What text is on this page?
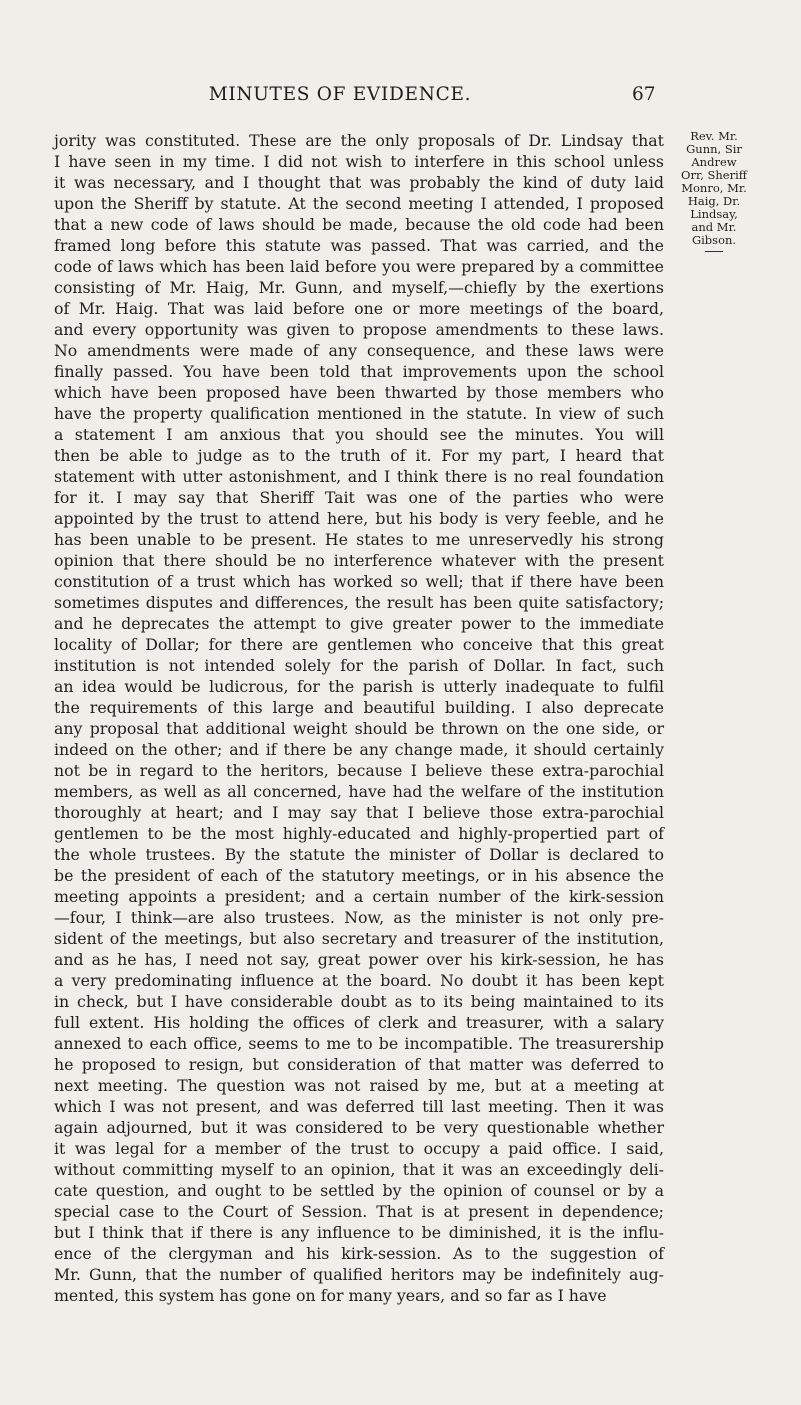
MINUTES OF EVIDENCE.	67
Rev. Mr.
Gunn, Sir
Andrew
Orr, Sheriff
Monro, Mr.
Haig, Dr.
Lindsay,
and Mr.
Gibson.
jority was constituted. These are the only proposals of Dr. Lindsay that
I have seen in my time. I did not wish to interfere in this school unless
it was necessary, and I thought that was probably the kind of duty laid
upon the Sheriff by statute. At the second meeting I attended, I proposed
that a new code of laws should be made, because the old code had been
framed long before this statute was passed. That was carried, and the
code of laws which has been laid before you were prepared by a committee
consisting of Mr. Haig, Mr. Gunn, and myself,—chiefly by the exertions
of Mr. Haig. That was laid before one or more meetings of the board,
and every opportunity was given to propose amendments to these laws.
No amendments were made of any consequence, and these laws were
finally passed. You have been told that improvements upon the school
which have been proposed have been thwarted by those members who
have the property qualification mentioned in the statute. In view of such
a statement I am anxious that you should see the minutes. You will
then be able to judge as to the truth of it. For my part, I heard that
statement with utter astonishment, and I think there is no real foundation
for it. I may say that Sheriff Tait was one of the parties who were
appointed by the trust to attend here, but his body is very feeble, and he
has been unable to be present. He states to me unreservedly his strong
opinion that there should be no interference whatever with the present
constitution of a trust which has worked so well; that if there have been
sometimes disputes and differences, the result has been quite satisfactory;
and he deprecates the attempt to give greater power to the immediate
locality of Dollar; for there are gentlemen who conceive that this great
institution is not intended solely for the parish of Dollar. In fact, such
an idea would be ludicrous, for the parish is utterly inadequate to fulfil
the requirements of this large and beautiful building. I also deprecate
any proposal that additional weight should be thrown on the one side, or
indeed on the other; and if there be any change made, it should certainly
not be in regard to the heritors, because I believe these extra-parochial
members, as well as all concerned, have had the welfare of the institution
thoroughly at heart; and I may say that I believe those extra-parochial
gentlemen to be the most highly-educated and highly-propertied part of
the whole trustees. By the statute the minister of Dollar is declared to
be the president of each of the statutory meetings, or in his absence the
meeting appoints a president; and a certain number of the kirk-session
—four, I think—are also trustees. Now, as the minister is not only pre-
sident of the meetings, but also secretary and treasurer of the institution,
and as he has, I need not say, great power over his kirk-session, he has
a very predominating influence at the board. No doubt it has been kept
in check, but I have considerable doubt as to its being maintained to its
full extent. His holding the offices of clerk and treasurer, with a salary
annexed to each office, seems to me to be incompatible. The treasurership
he proposed to resign, but consideration of that matter was deferred to
next meeting. The question was not raised by me, but at a meeting at
which I was not present, and was deferred till last meeting. Then it was
again adjourned, but it was considered to be very questionable whether
it was legal for a member of the trust to occupy a paid office. I said,
without committing myself to an opinion, that it was an exceedingly deli-
cate question, and ought to be settled by the opinion of counsel or by a
special case to the Court of Session. That is at present in dependence;
but I think that if there is any influence to be diminished, it is the influ-
ence of the clergyman and his kirk-session. As to the suggestion of
Mr. Gunn, that the number of qualified heritors may be indefinitely aug-
mented, this system has gone on for many years, and so far as I have
